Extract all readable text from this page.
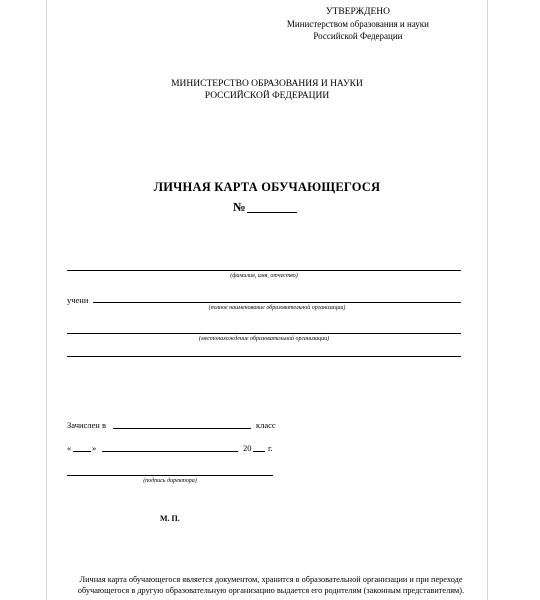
УТВЕРЖДЕНО
Министерством образования и науки
Российской Федерации
МИНИСТЕРСТВО ОБРАЗОВАНИЯ И НАУКИ
РОССИЙСКОЙ ФЕДЕРАЦИИ
ЛИЧНАЯ КАРТА ОБУЧАЮЩЕГОСЯ
№
(фамилия, имя, отчество)
учени
(полное наименование образовательной организации)
(местонахождение образовательной организации)
Зачислен в	класс
« »	20 г.
(подпись директора)
М. П.
Личная карта обучающегося является документом, хранится в образовательной организации и при переходе
обучающегося в другую образовательную организацию выдается его родителям (законным представителям).
